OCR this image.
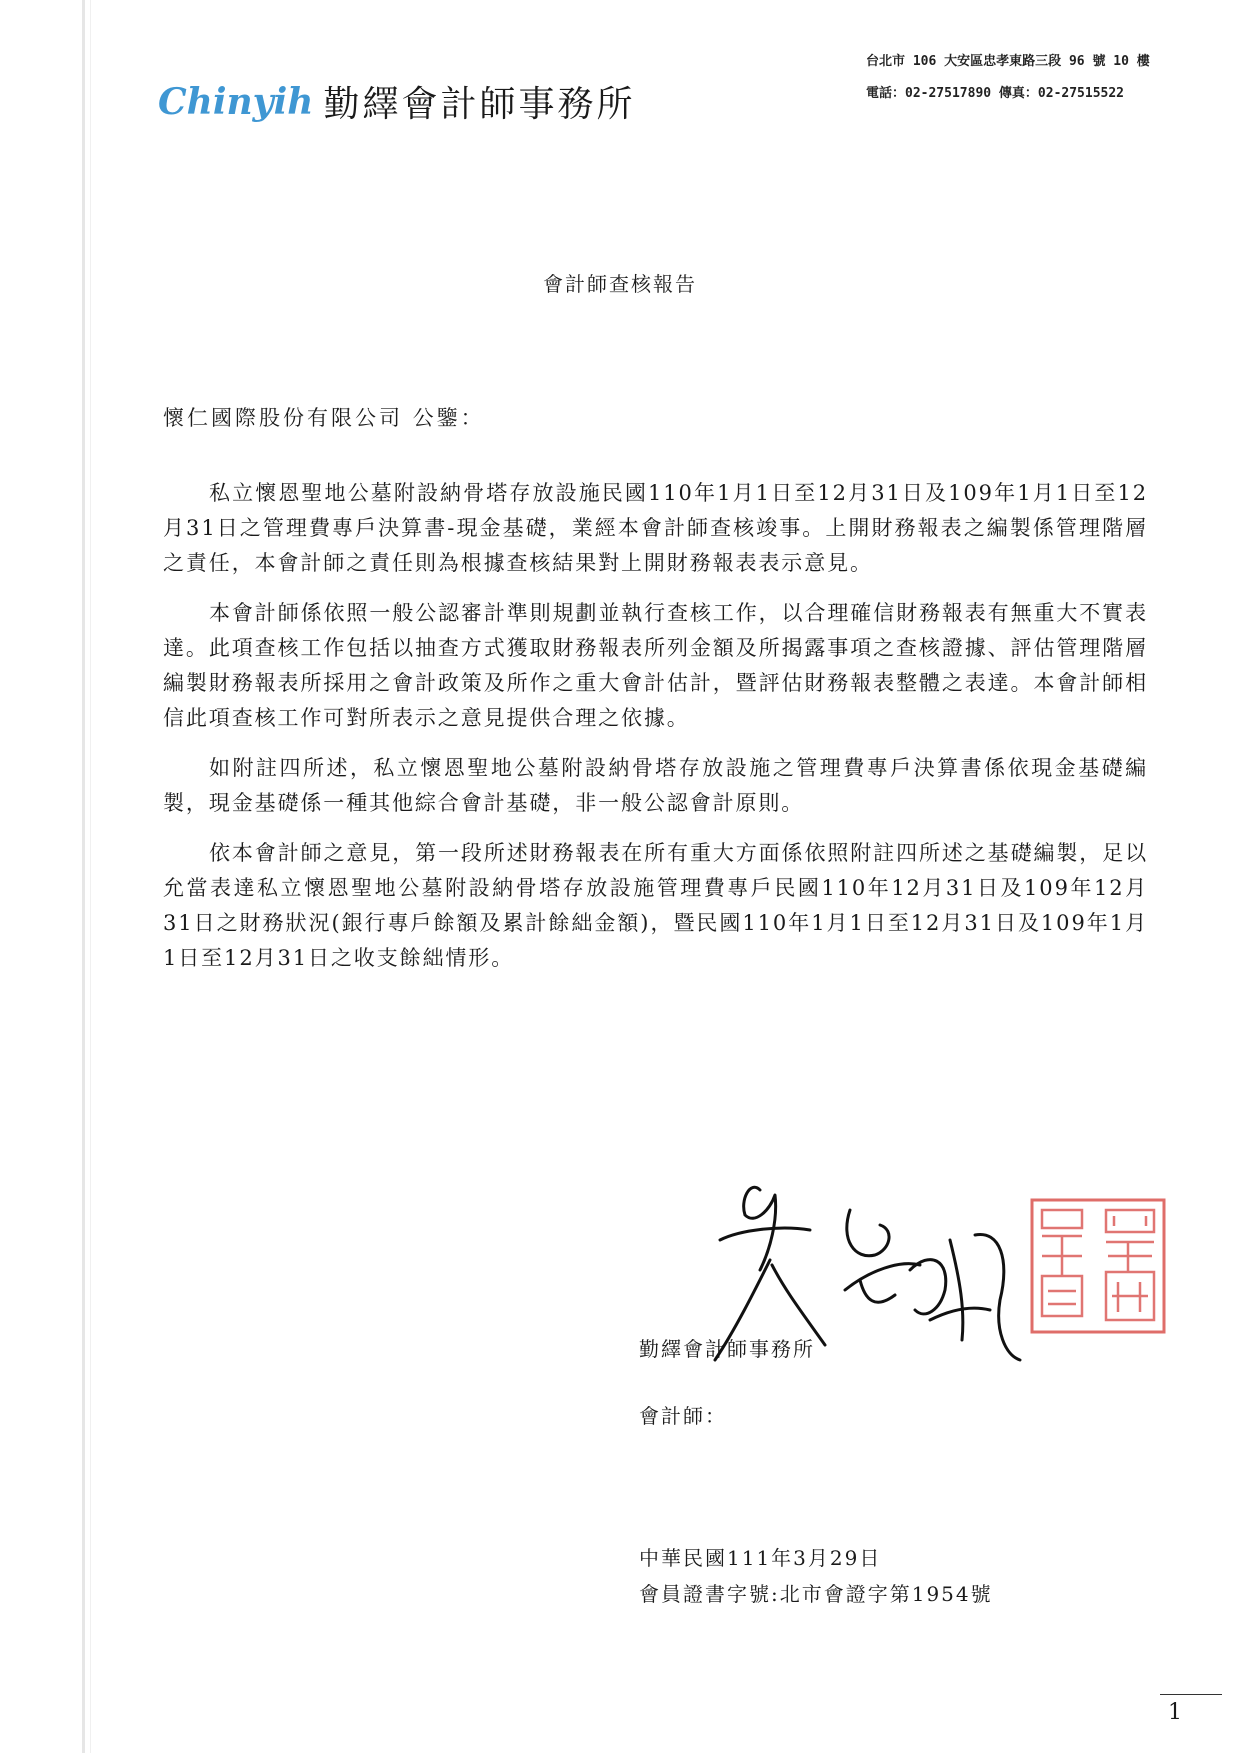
Chinyih 勤繹會計師事務所
台北市 106 大安區忠孝東路三段 96 號 10 樓
電話：02-27517890 傳真：02-27515522
會計師查核報告
懷仁國際股份有限公司 公鑒：

私立懷恩聖地公墓附設納骨塔存放設施民國110年1月1日至12月31日及109年1月1日至12月31日之管理費專戶決算書-現金基礎，業經本會計師查核竣事。上開財務報表之編製係管理階層之責任，本會計師之責任則為根據查核結果對上開財務報表表示意見。

本會計師係依照一般公認審計準則規劃並執行查核工作，以合理確信財務報表有無重大不實表達。此項查核工作包括以抽查方式獲取財務報表所列金額及所揭露事項之查核證據、評估管理階層編製財務報表所採用之會計政策及所作之重大會計估計，暨評估財務報表整體之表達。本會計師相信此項查核工作可對所表示之意見提供合理之依據。

如附註四所述，私立懷恩聖地公墓附設納骨塔存放設施之管理費專戶決算書係依現金基礎編製，現金基礎係一種其他綜合會計基礎，非一般公認會計原則。

依本會計師之意見，第一段所述財務報表在所有重大方面係依照附註四所述之基礎編製，足以允當表達私立懷恩聖地公墓附設納骨塔存放設施管理費專戶民國110年12月31日及109年12月31日之財務狀況(銀行專戶餘額及累計餘絀金額)，暨民國110年1月1日至12月31日及109年1月1日至12月31日之收支餘絀情形。

勤繹會計師事務所
會計師：
中華民國111年3月29日
會員證書字號:北市會證字第1954號
1
